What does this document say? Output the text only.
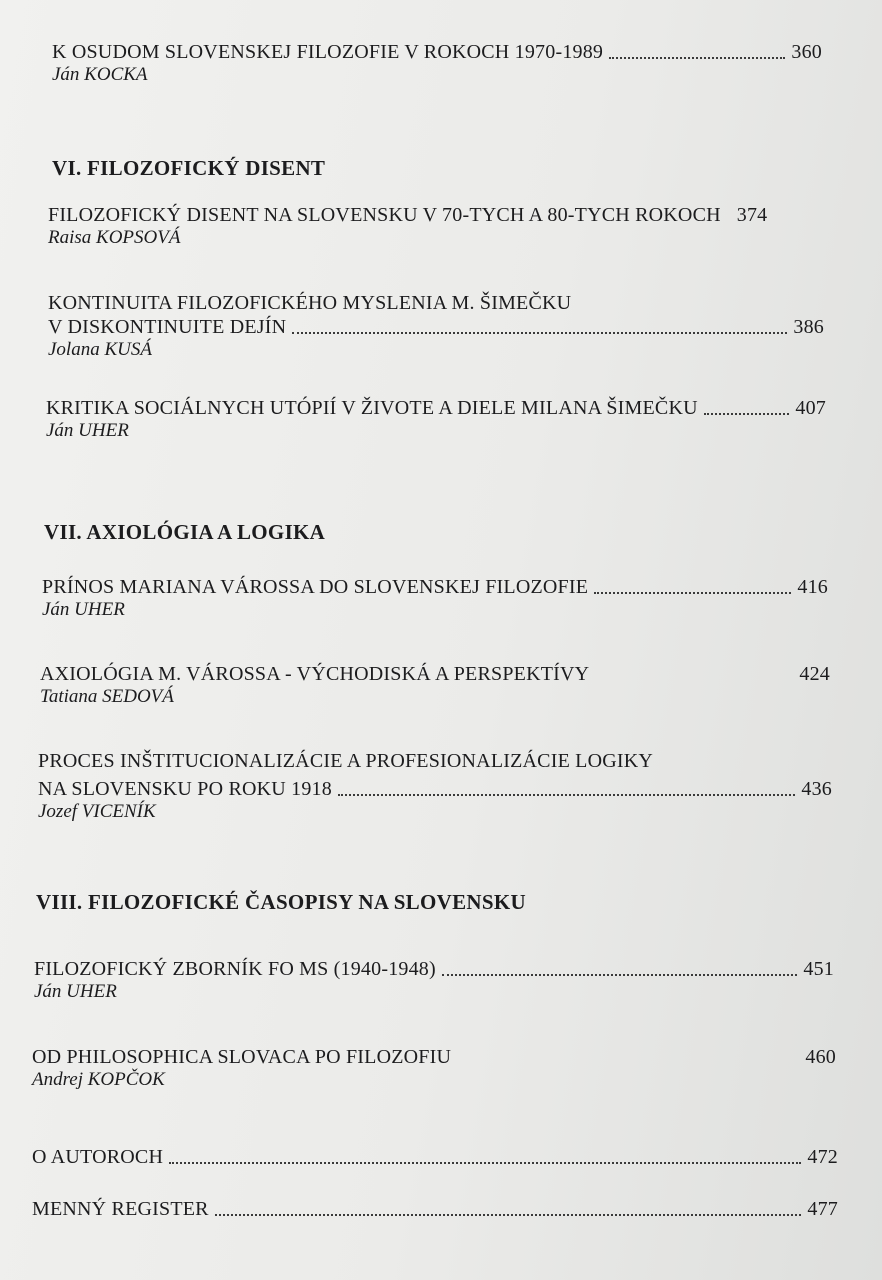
K OSUDOM SLOVENSKEJ FILOZOFIE V ROKOCH 1970-1989	360
Ján KOCKA
VI. FILOZOFICKÝ DISENT
FILOZOFICKÝ DISENT NA SLOVENSKU V 70-TYCH A 80-TYCH ROKOCH 374
Raisa KOPSOVÁ
KONTINUITA FILOZOFICKÉHO MYSLENIA M. ŠIMEČKU
V DISKONTINUITE DEJÍN	386
Jolana KUSÁ
KRITIKA SOCIÁLNYCH UTÓPIÍ V ŽIVOTE A DIELE MILANA ŠIMEČKU	407
Ján UHER
VII. AXIOLÓGIA A LOGIKA
PRÍNOS MARIANA VÁROSSA DO SLOVENSKEJ FILOZOFIE	416
Ján UHER
AXIOLÓGIA M. VÁROSSA - VÝCHODISKÁ A PERSPEKTÍVY	424
Tatiana SEDOVÁ
PROCES INŠTITUCIONALIZÁCIE A PROFESIONALIZÁCIE LOGIKY
NA SLOVENSKU PO ROKU 1918	436
Jozef VICENÍK
VIII. FILOZOFICKÉ ČASOPISY NA SLOVENSKU
FILOZOFICKÝ ZBORNÍK FO MS (1940-1948)	451
Ján UHER
OD PHILOSOPHICA SLOVACA PO FILOZOFIU	460
Andrej KOPČOK
O AUTOROCH	472
MENNÝ REGISTER	477
